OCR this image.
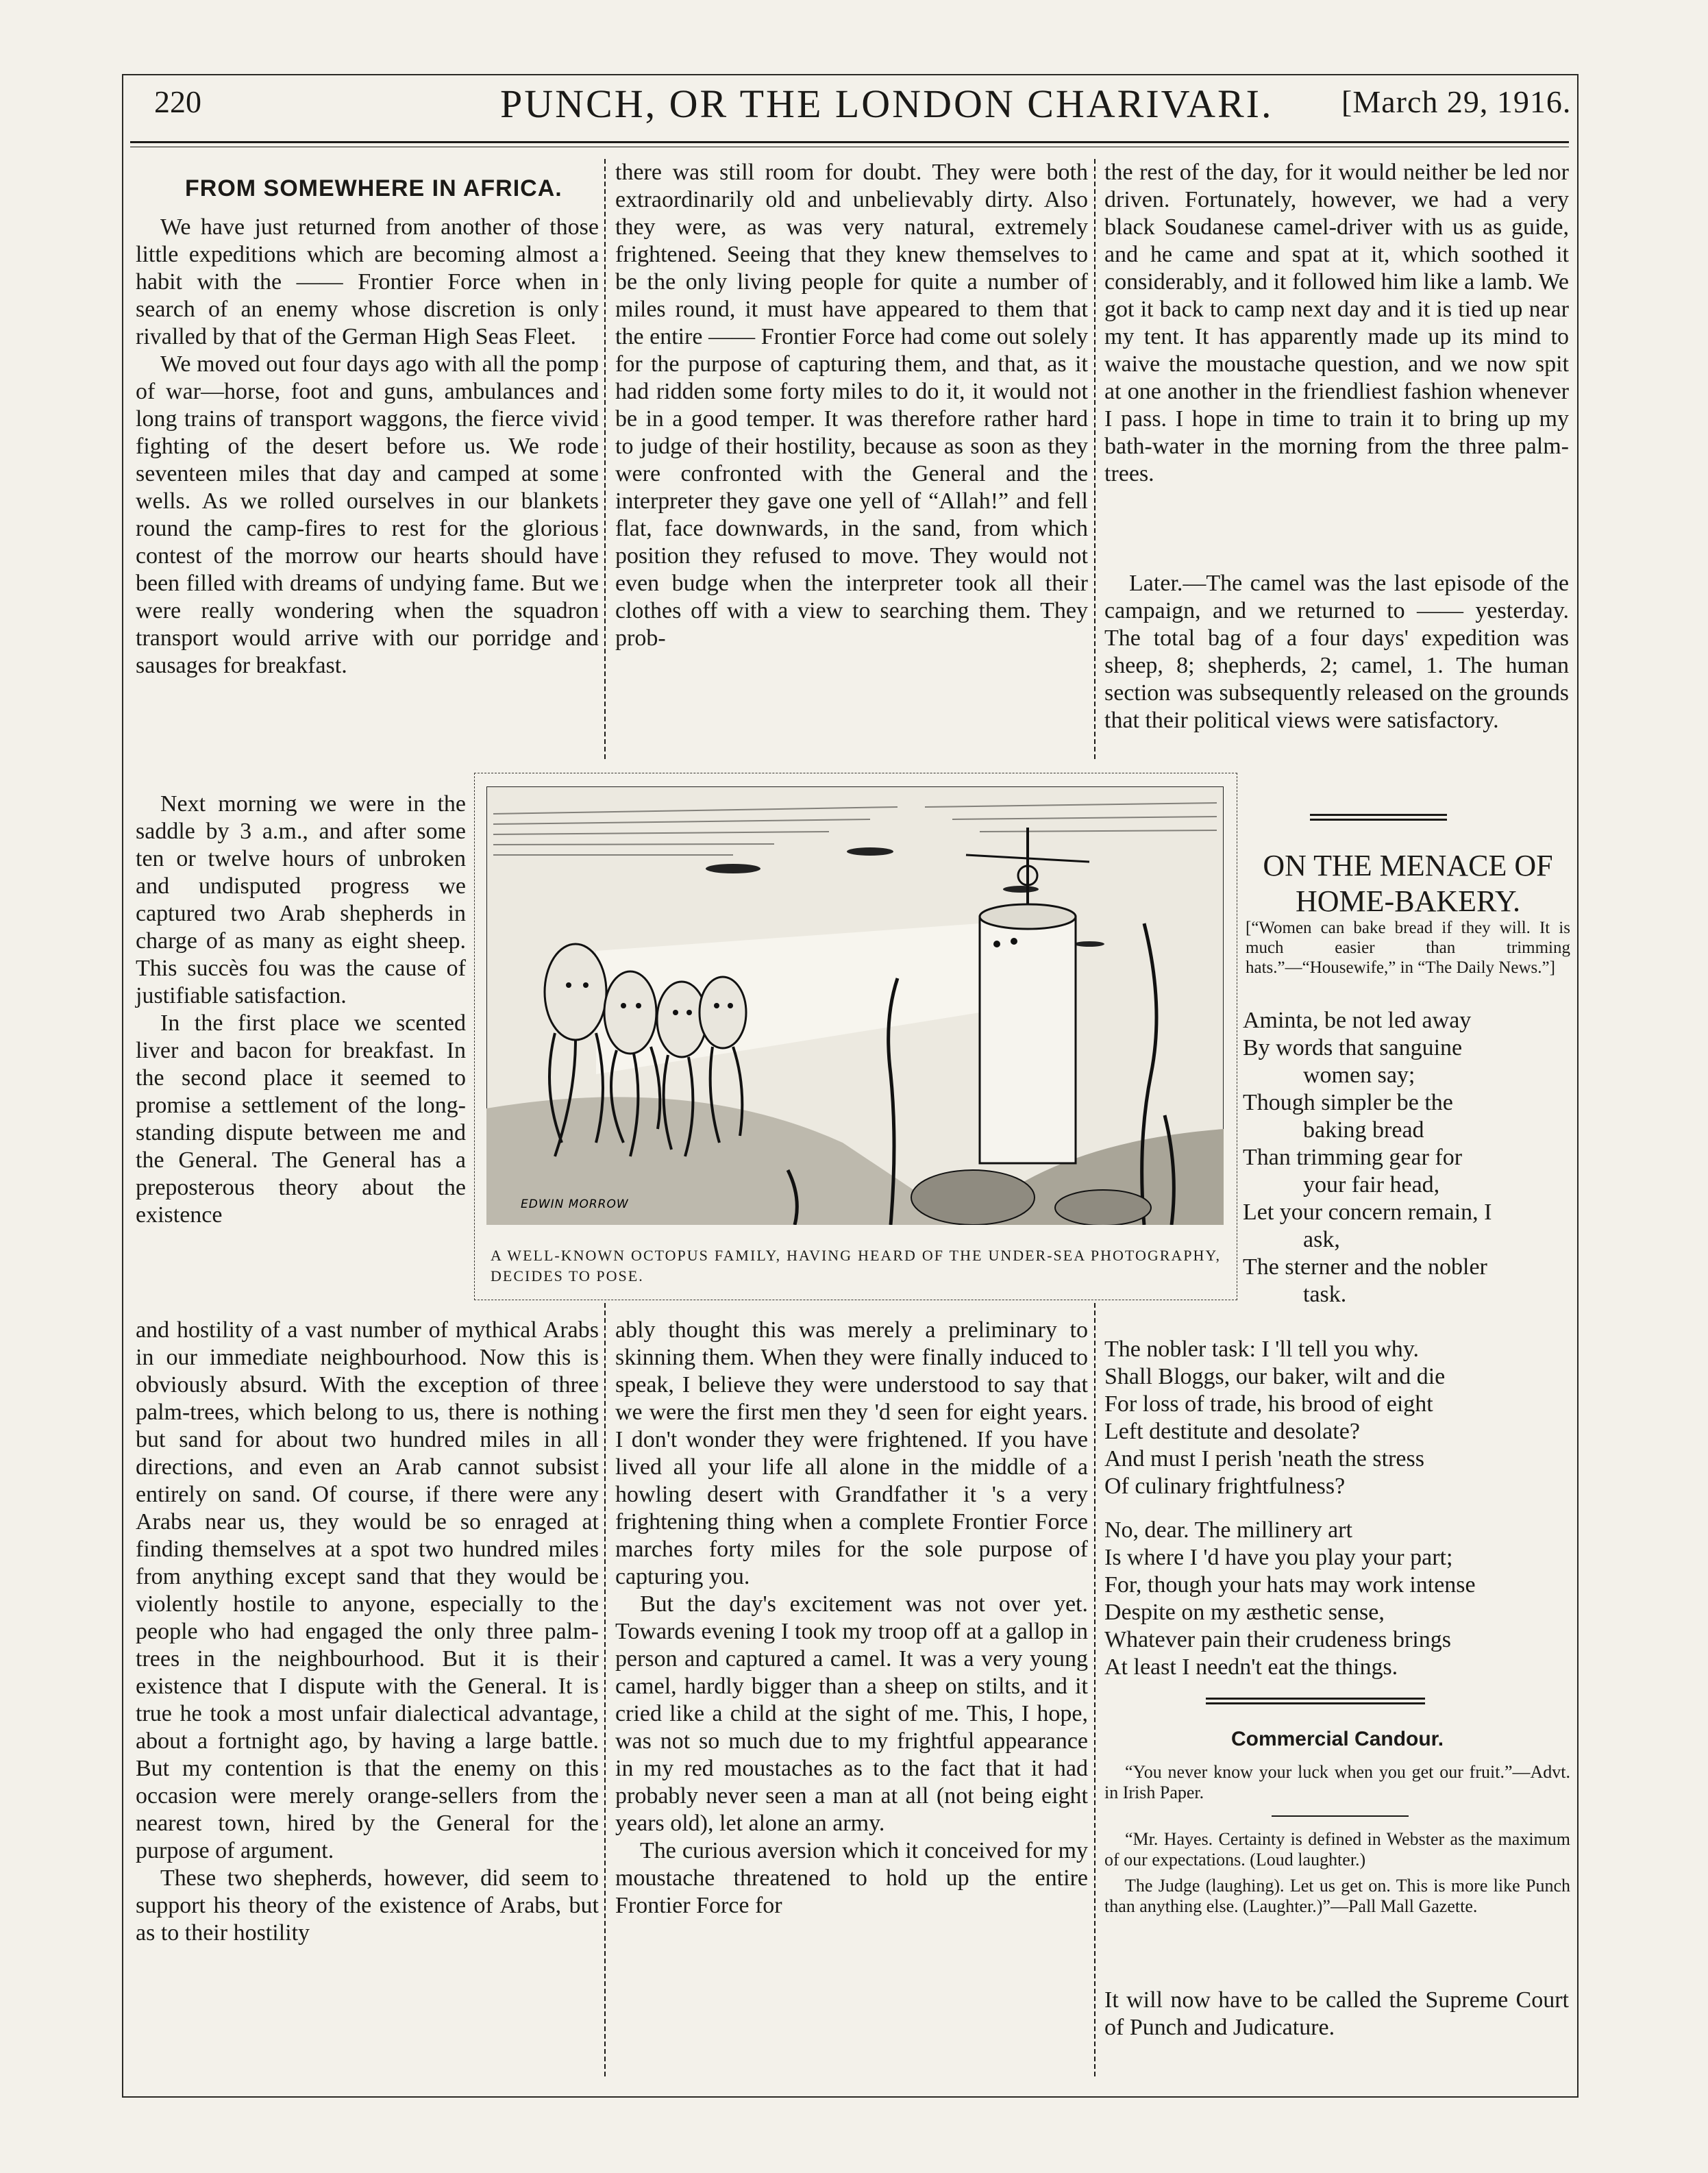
220	PUNCH, OR THE LONDON CHARIVARI. [March 29, 1916.
FROM SOMEWHERE IN AFRICA.

We have just returned from another of those little expeditions which are becoming almost a habit with the —— Frontier Force when in search of an enemy whose discretion is only rivalled by that of the German High Seas Fleet.

We moved out four days ago with all the pomp of war—horse, foot and guns, ambulances and long trains of transport waggons, the fierce vivid fighting of the desert before us. We rode seventeen miles that day and camped at some wells. As we rolled ourselves in our blankets round the camp-fires to rest for the glorious contest of the morrow our hearts should have been filled with dreams of undying fame. But we were really wondering when the squadron transport would arrive with our porridge and sausages for breakfast.

Next morning we were in the saddle by 3 a.m., and after some ten or twelve hours of unbroken and undisputed progress we captured two Arab shepherds in charge of as many as eight sheep. This succès fou was the cause of justifiable satisfaction.

In the first place we scented liver and bacon for breakfast. In the second place it seemed to promise a settlement of the long-standing dispute between me and the General. The General has a preposterous theory about the existence

and hostility of a vast number of mythical Arabs in our immediate neighbourhood. Now this is obviously absurd. With the exception of three palm-trees, which belong to us, there is nothing but sand for about two hundred miles in all directions, and even an Arab cannot subsist entirely on sand. Of course, if there were any Arabs near us, they would be so enraged at finding themselves at a spot two hundred miles from anything except sand that they would be violently hostile to anyone, especially to the people who had engaged the only three palm-trees in the neighbourhood. But it is their existence that I dispute with the General. It is true he took a most unfair dialectical advantage, about a fortnight ago, by having a large battle. But my contention is that the enemy on this occasion were merely orange-sellers from the nearest town, hired by the General for the purpose of argument.

These two shepherds, however, did seem to support his theory of the existence of Arabs, but as to their hostility

there was still room for doubt. They were both extraordinarily old and unbelievably dirty. Also they were, as was very natural, extremely frightened. Seeing that they knew themselves to be the only living people for quite a number of miles round, it must have appeared to them that the entire —— Frontier Force had come out solely for the purpose of capturing them, and that, as it had ridden some forty miles to do it, it would not be in a good temper. It was therefore rather hard to judge of their hostility, because as soon as they were confronted with the General and the interpreter they gave one yell of “Allah!” and fell flat, face downwards, in the sand, from which position they refused to move. They would not even budge when the interpreter took all their clothes off with a view to searching them. They prob-

ably thought this was merely a preliminary to skinning them. When they were finally induced to speak, I believe they were understood to say that we were the first men they 'd seen for eight years. I don't wonder they were frightened. If you have lived all your life all alone in the middle of a howling desert with Grandfather it 's a very frightening thing when a complete Frontier Force marches forty miles for the sole purpose of capturing you.

But the day's excitement was not over yet. Towards evening I took my troop off at a gallop in person and captured a camel. It was a very young camel, hardly bigger than a sheep on stilts, and it cried like a child at the sight of me. This, I hope, was not so much due to my frightful appearance in my red moustaches as to the fact that it had probably never seen a man at all (not being eight years old), let alone an army.

The curious aversion which it conceived for my moustache threatened to hold up the entire Frontier Force for

the rest of the day, for it would neither be led nor driven. Fortunately, however, we had a very black Soudanese camel-driver with us as guide, and he came and spat at it, which soothed it considerably, and it followed him like a lamb. We got it back to camp next day and it is tied up near my tent. It has apparently made up its mind to waive the moustache question, and we now spit at one another in the friendliest fashion whenever I pass. I hope in time to train it to bring up my bath-water in the morning from the three palm-trees.

Later.—The camel was the last episode of the campaign, and we returned to —— yesterday. The total bag of a four days' expedition was sheep, 8; shepherds, 2; camel, 1. The human section was subsequently released on the grounds that their political views were satisfactory.

EDWIN MORROW
A WELL-KNOWN OCTOPUS FAMILY, HAVING HEARD OF THE UNDER-SEA PHOTOGRAPHY, DECIDES TO POSE.
ON THE MENACE OF HOME-BAKERY.
[“Women can bake bread if they will. It is much easier than trimming hats.”—“Housewife,” in “The Daily News.”]
Aminta, be not led away
By words that sanguine
women say;
Though simpler be the
baking bread
Than trimming gear for
your fair head,
Let your concern remain, I
ask,
The sterner and the nobler
task.
The nobler task: I 'll tell you why.
Shall Bloggs, our baker, wilt and die
For loss of trade, his brood of eight
Left destitute and desolate?
And must I perish 'neath the stress
Of culinary frightfulness?
No, dear. The millinery art
Is where I 'd have you play your part;
For, though your hats may work intense
Despite on my æsthetic sense,
Whatever pain their crudeness brings
At least I needn't eat the things.
Commercial Candour.

“You never know your luck when you get our fruit.”—Advt. in Irish Paper.

“Mr. Hayes. Certainty is defined in Webster as the maximum of our expectations. (Loud laughter.)

The Judge (laughing). Let us get on. This is more like Punch than anything else. (Laughter.)”—Pall Mall Gazette.

It will now have to be called the Supreme Court of Punch and Judicature.
